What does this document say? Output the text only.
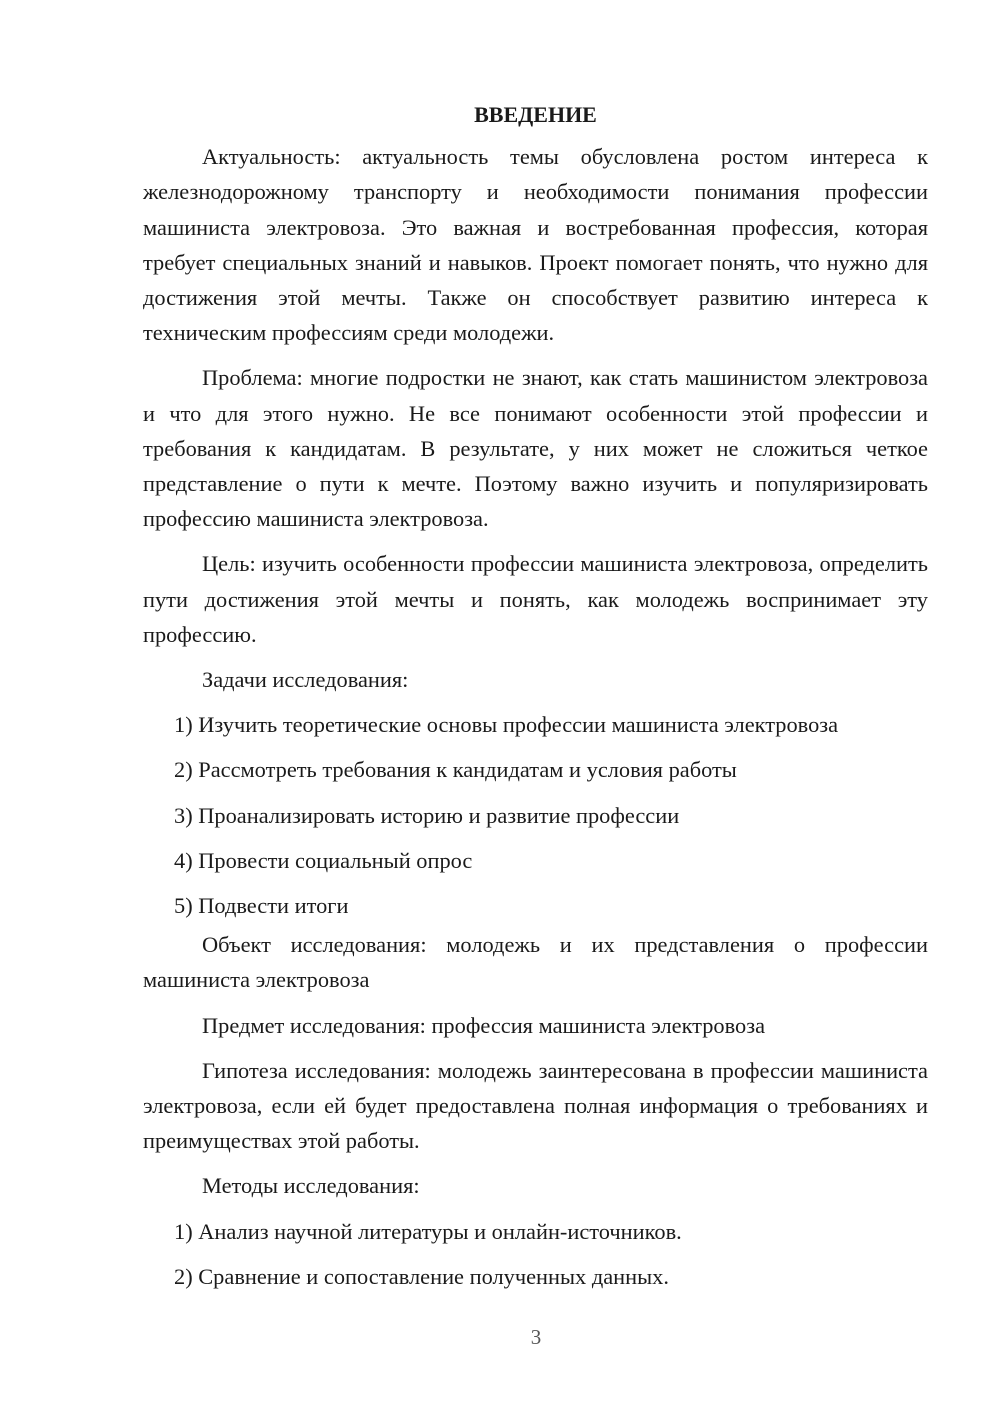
ВВЕДЕНИЕ

Актуальность: актуальность темы обусловлена ростом интереса к железнодорожному транспорту и необходимости понимания профессии машиниста электровоза. Это важная и востребованная профессия, которая требует специальных знаний и навыков. Проект помогает понять, что нужно для достижения этой мечты. Также он способствует развитию интереса к техническим профессиям среди молодежи.

Проблема: многие подростки не знают, как стать машинистом электровоза и что для этого нужно. Не все понимают особенности этой профессии и требования к кандидатам. В результате, у них может не сложиться четкое представление о пути к мечте. Поэтому важно изучить и популяризировать профессию машиниста электровоза.

Цель: изучить особенности профессии машиниста электровоза, определить пути достижения этой мечты и понять, как молодежь воспринимает эту профессию.

Задачи исследования:

1) Изучить теоретические основы профессии машиниста электровоза

2) Рассмотреть требования к кандидатам и условия работы

3) Проанализировать историю и развитие профессии

4) Провести социальный опрос

5) Подвести итоги

Объект исследования: молодежь и их представления о профессии машиниста электровоза

Предмет исследования: профессия машиниста электровоза

Гипотеза исследования: молодежь заинтересована в профессии машиниста электровоза, если ей будет предоставлена полная информация о требованиях и преимуществах этой работы.

Методы исследования:

1) Анализ научной литературы и онлайн-источников.

2) Сравнение и сопоставление полученных данных.

3
